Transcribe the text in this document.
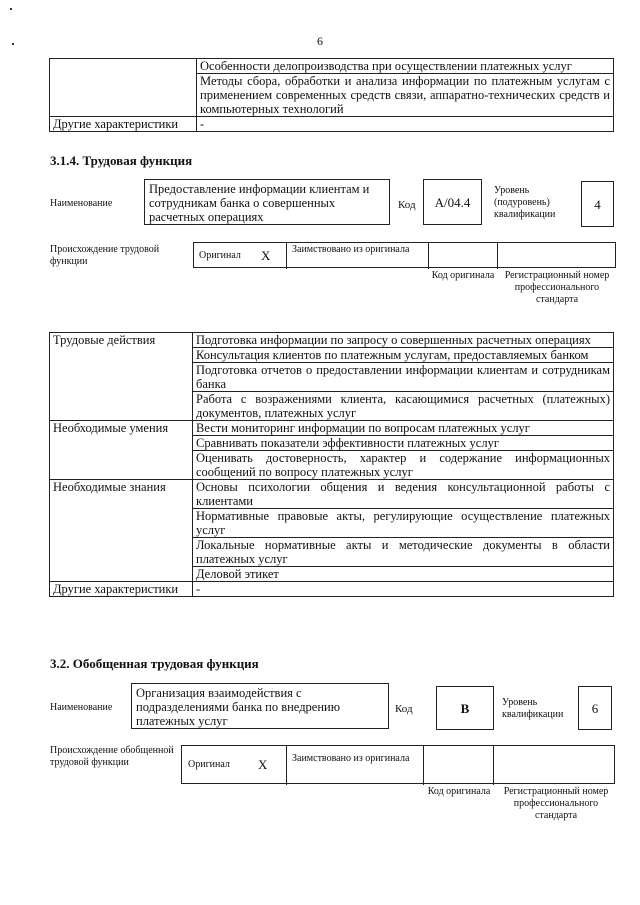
6
	Особенности делопроизводства при осуществлении платежных услуг
	Методы сбора, обработки и анализа информации по платежным услугам с применением современных средств связи, аппаратно-технических средств и компьютерных технологий
Другие характеристики	-
3.1.4. Трудовая функция
Наименование
Предоставление информации клиентам и сотрудникам банка о совершенных расчетных операциях
Код	А/04.4
Уровень (подуровень) квалификации
4
Происхождение трудовой функции
Оригинал X Заимствовано из оригинала
Код оригинала	Регистрационный номер профессионального стандарта
Трудовые действия	Подготовка информации по запросу о совершенных расчетных операциях
	Консультация клиентов по платежным услугам, предоставляемых банком
	Подготовка отчетов о предоставлении информации клиентам и сотрудникам банка
	Работа с возражениями клиента, касающимися расчетных (платежных) документов, платежных услуг
Необходимые умения	Вести мониторинг информации по вопросам платежных услуг
	Сравнивать показатели эффективности платежных услуг
	Оценивать достоверность, характер и содержание информационных сообщений по вопросу платежных услуг
Необходимые знания	Основы психологии общения и ведения консультационной работы с клиентами
	Нормативные правовые акты, регулирующие осуществление платежных услуг
	Локальные нормативные акты и методические документы в области платежных услуг
	Деловой этикет
Другие характеристики	-
3.2. Обобщенная трудовая функция
Наименование
Организация взаимодействия с подразделениями банка по внедрению платежных услуг
Код	В	Уровень квалификации	6
Происхождение обобщенной трудовой функции	Оригинал X Заимствовано из оригинала
Код оригинала	Регистрационный номер профессионального стандарта
